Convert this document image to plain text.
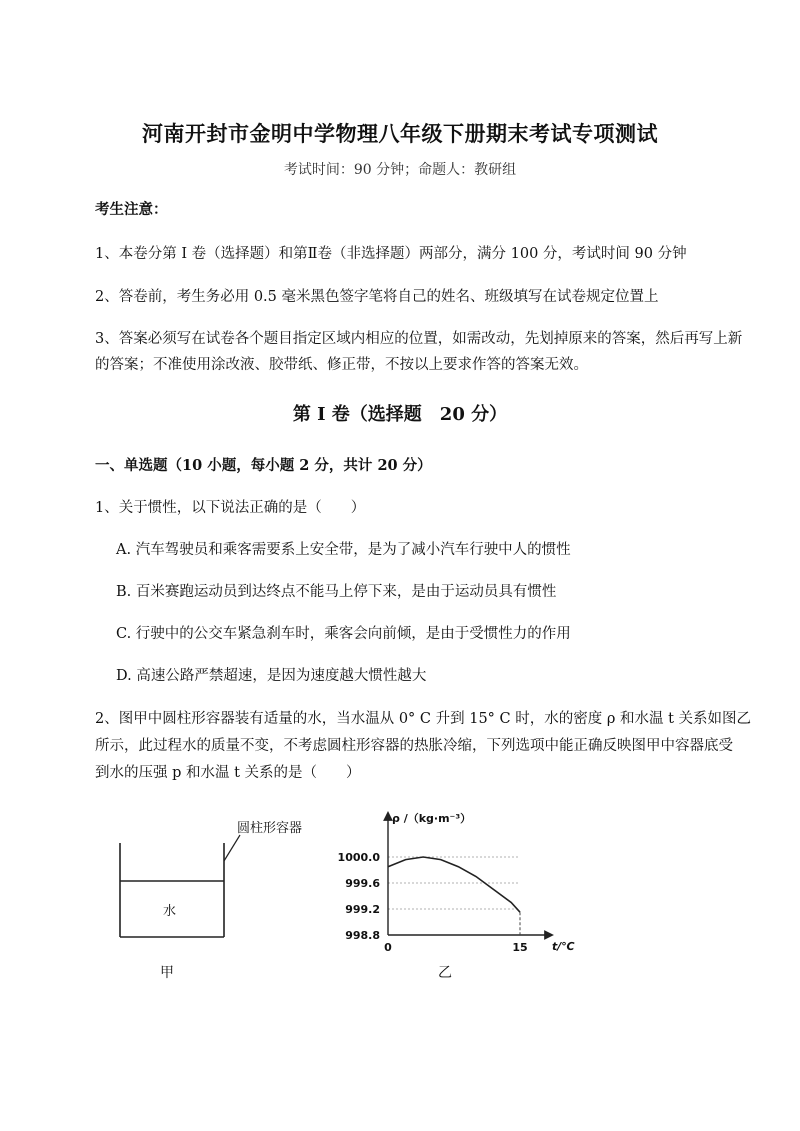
河南开封市金明中学物理八年级下册期末考试专项测试
考试时间：90 分钟；命题人：教研组
考生注意：
1、本卷分第 I 卷（选择题）和第Ⅱ卷（非选择题）两部分，满分 100 分，考试时间 90 分钟
2、答卷前，考生务必用 0.5 毫米黑色签字笔将自己的姓名、班级填写在试卷规定位置上
3、答案必须写在试卷各个题目指定区域内相应的位置，如需改动，先划掉原来的答案，然后再写上新
的答案；不准使用涂改液、胶带纸、修正带，不按以上要求作答的答案无效。
第 I 卷（选择题　20 分）
一、单选题（10 小题，每小题 2 分，共计 20 分）
1、关于惯性，以下说法正确的是（　　）
A. 汽车驾驶员和乘客需要系上安全带，是为了减小汽车行驶中人的惯性
B. 百米赛跑运动员到达终点不能马上停下来，是由于运动员具有惯性
C. 行驶中的公交车紧急刹车时，乘客会向前倾，是由于受惯性力的作用
D. 高速公路严禁超速，是因为速度越大惯性越大
2、图甲中圆柱形容器装有适量的水，当水温从 0° C 升到 15° C 时，水的密度 ρ 和水温 t 关系如图乙
所示，此过程水的质量不变，不考虑圆柱形容器的热胀冷缩，下列选项中能正确反映图甲中容器底受
到水的压强 p 和水温 t 关系的是（　　）
圆柱形容器
水
甲
ρ /（kg·m⁻³）
t/℃
1000.0
999.6
999.2
998.8
0	15
乙
